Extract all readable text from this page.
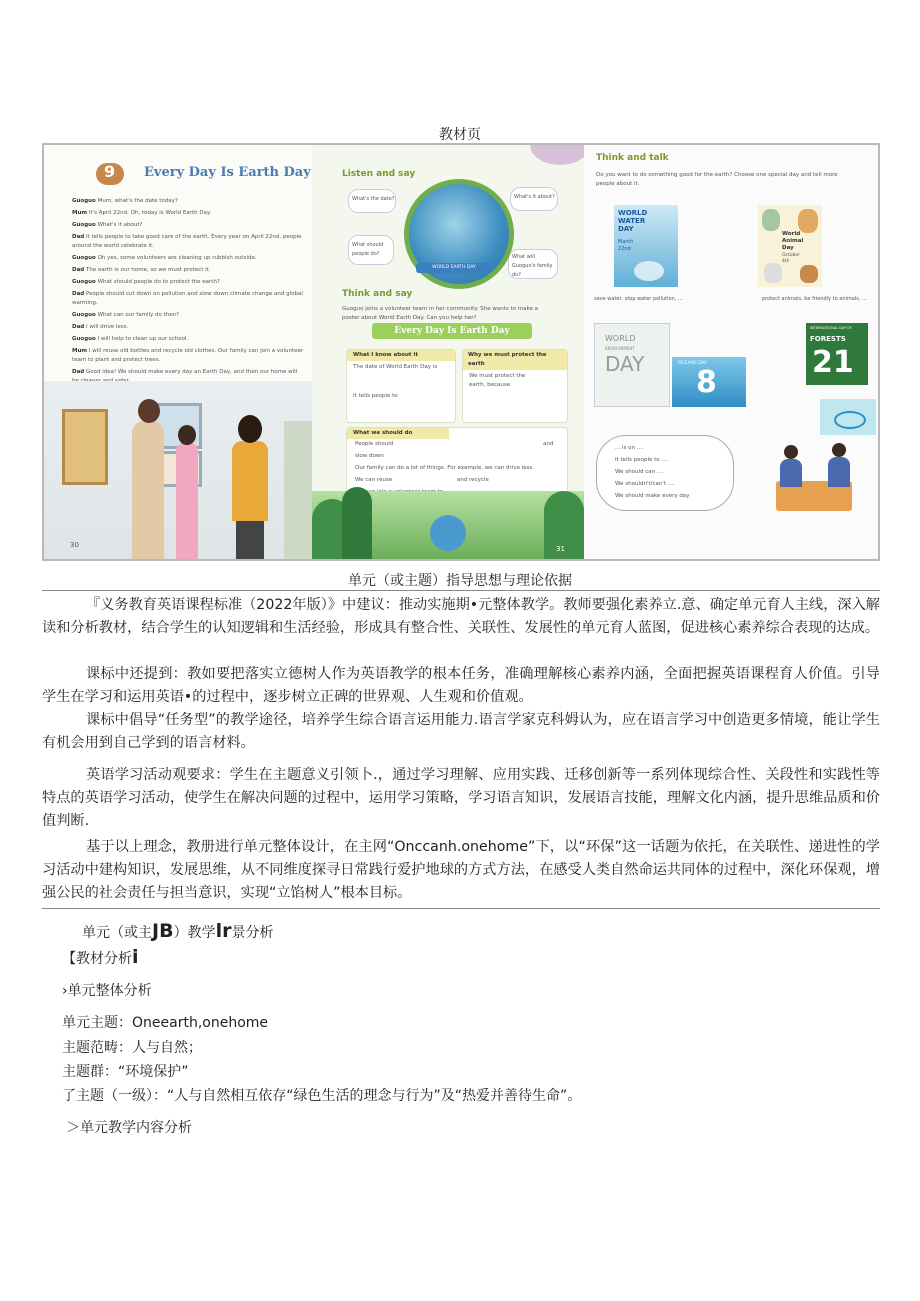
教材页
9 Every Day Is Earth Day
Guoguo Mum, what's the date today?
Mum It's April 22nd. Oh, today is World Earth Day.
Guoguo What's it about?
Dad It tells people to take good care of the earth. Every year on April 22nd, people around the world celebrate it.
Guoguo Oh yes, some volunteers are cleaning up rubbish outside.
Dad The earth is our home, so we must protect it.
Guoguo What should people do to protect the earth?
Dad People should cut down on pollution and slow down climate change and global warming.
Guoguo What can our family do then?
Dad I will drive less.
Guoguo I will help to clean up our school.
Mum I will reuse old bottles and recycle old clothes. Our family can join a volunteer team to plant and protect trees.
Dad Good idea! We should make every day an Earth Day, and then our home will
30
Listen and say
What's the date?	What's it about?
What should people do?	What will Guoguo's family do?
WORLD EARTH DAY
Think and say
Guoguo joins a volunteer team in her community. She wants to make a poster about World Earth Day. Can you help her?
Every Day Is Earth Day
What I know about it
The date of World Earth Day is
It tells people to
Why we must protect the earth
We must protect the earth, because
What we should do
People should	and
slow down
Our family can do a lot of things. For example, we can drive less.
We can reuse	and recycle
31
Think and talk
Do you want to do something good for the earth? Choose one special day and tell more people about it.
WORLD WATER DAY
March 22nd
World Animal Day
October 4th
save water, stop water pollution, ...	protect animals, be friendly to animals, ...
WORLD
ENVIRONMENT
DAY	OCEANS DAY
8
INTERNATIONAL DAY OF
FORESTS
21
... is on ....
It tells people to ....
We should can ....
We shouldn't/can't ....
We should make every day
单元（或主题）指导思想与理论依据
『义务教育英语课程标准（2022年版）》中建议：推动实施期•元整体教学。教师要强化素养立.意、确定单元育人主线，深入解读和分析教材，结合学生的认知逻辑和生活经验，形成具有整合性、关联性、发展性的单元育人蓝图，促进核心素养综合表现的达成。
课标中还提到：教如要把落实立德树人作为英语教学的根本任务，准确理解核心素养内涵，全面把握英语课程育人价值。引导学生在学习和运用英语•的过程中，逐步树立正碑的世界观、人生观和价值观。
课标中倡导“任务型”的教学途径，培养学生综合语言运用能力.语言学家克科姆认为，应在语言学习中创造更多情境，能让学生有机会用到自己学到的语言材料。
英语学习活动观要求：学生在主题意义引领卜.，通过学习理解、应用实践、迁移创新等一系列体现综合性、关段性和实践性等特点的英语学习活动，使学生在解决问题的过程中，运用学习策略，学习语言知识，发展语言技能，理解文化内涵，提升思维品质和价值判断.
基于以上理念，教册进行单元整体设计，在主网“Onccanh.onehome”下，以“环保”这一话题为依托，在关联性、递进性的学习活动中建构知识，发展思维，从不同维度探寻日常践行爱护地球的方式方法，在感受人类自然命运共同体的过程中，深化环保观，增强公民的社会责任与担当意识，实现“立馅树人”根本目标。
单元（或主JB）教学lr景分析
【教材分析i
›单元整体分析
单元主题：Oneearth,onehome
主题范畴：人与自然；
主题群：“环境保护”
了主题（一级）：“人与自然相互依存“绿色生活的理念与行为”及“热爱并善待生命”。
＞单元教学内容分析
